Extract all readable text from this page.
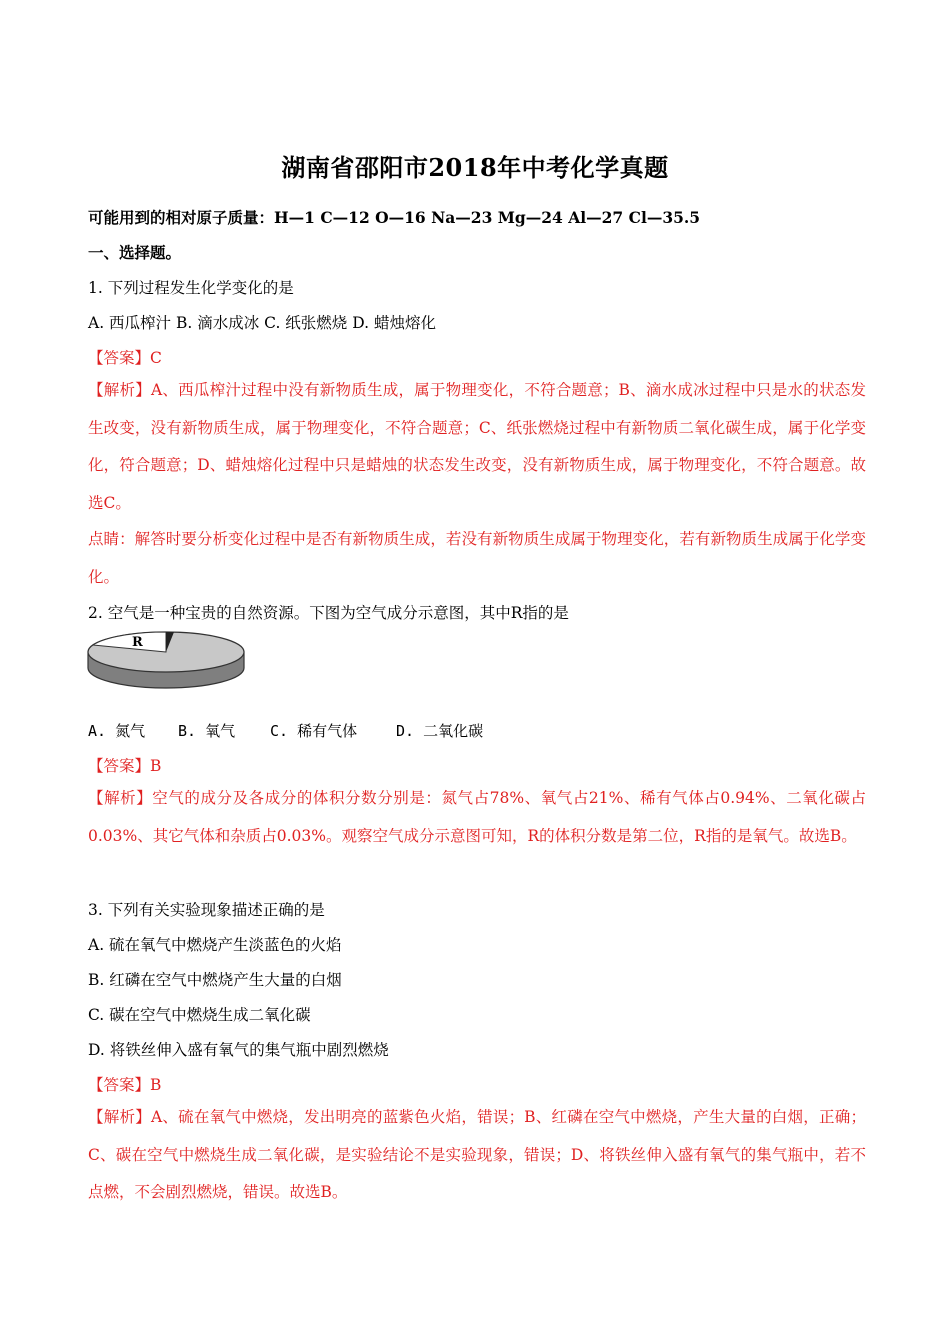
湖南省邵阳市2018年中考化学真题
可能用到的相对原子质量：H—1 C—12 O—16 Na—23 Mg—24 Al—27 Cl—35.5
一、选择题。
1. 下列过程发生化学变化的是
A. 西瓜榨汁 B. 滴水成冰 C. 纸张燃烧 D. 蜡烛熔化
【答案】C
【解析】A、西瓜榨汁过程中没有新物质生成，属于物理变化，不符合题意；B、滴水成冰过程中只是水的状态发生改变，没有新物质生成，属于物理变化，不符合题意；C、纸张燃烧过程中有新物质二氧化碳生成，属于化学变化，符合题意；D、蜡烛熔化过程中只是蜡烛的状态发生改变，没有新物质生成，属于物理变化，不符合题意。故选C。
点睛：解答时要分析变化过程中是否有新物质生成，若没有新物质生成属于物理变化，若有新物质生成属于化学变化。
2. 空气是一种宝贵的自然资源。下图为空气成分示意图，其中R指的是
R
A. 氮气 B. 氧气 C. 稀有气体	D. 二氧化碳
【答案】B
【解析】空气的成分及各成分的体积分数分别是：氮气占78%、氧气占21%、稀有气体占0.94%、二氧化碳占0.03%、其它气体和杂质占0.03%。观察空气成分示意图可知，R的体积分数是第二位，R指的是氧气。故选B。
3. 下列有关实验现象描述正确的是
A. 硫在氧气中燃烧产生淡蓝色的火焰
B. 红磷在空气中燃烧产生大量的白烟
C. 碳在空气中燃烧生成二氧化碳
D. 将铁丝伸入盛有氧气的集气瓶中剧烈燃烧
【答案】B
【解析】A、硫在氧气中燃烧，发出明亮的蓝紫色火焰，错误；B、红磷在空气中燃烧，产生大量的白烟，正确；C、碳在空气中燃烧生成二氧化碳，是实验结论不是实验现象，错误；D、将铁丝伸入盛有氧气的集气瓶中，若不点燃，不会剧烈燃烧，错误。故选B。
